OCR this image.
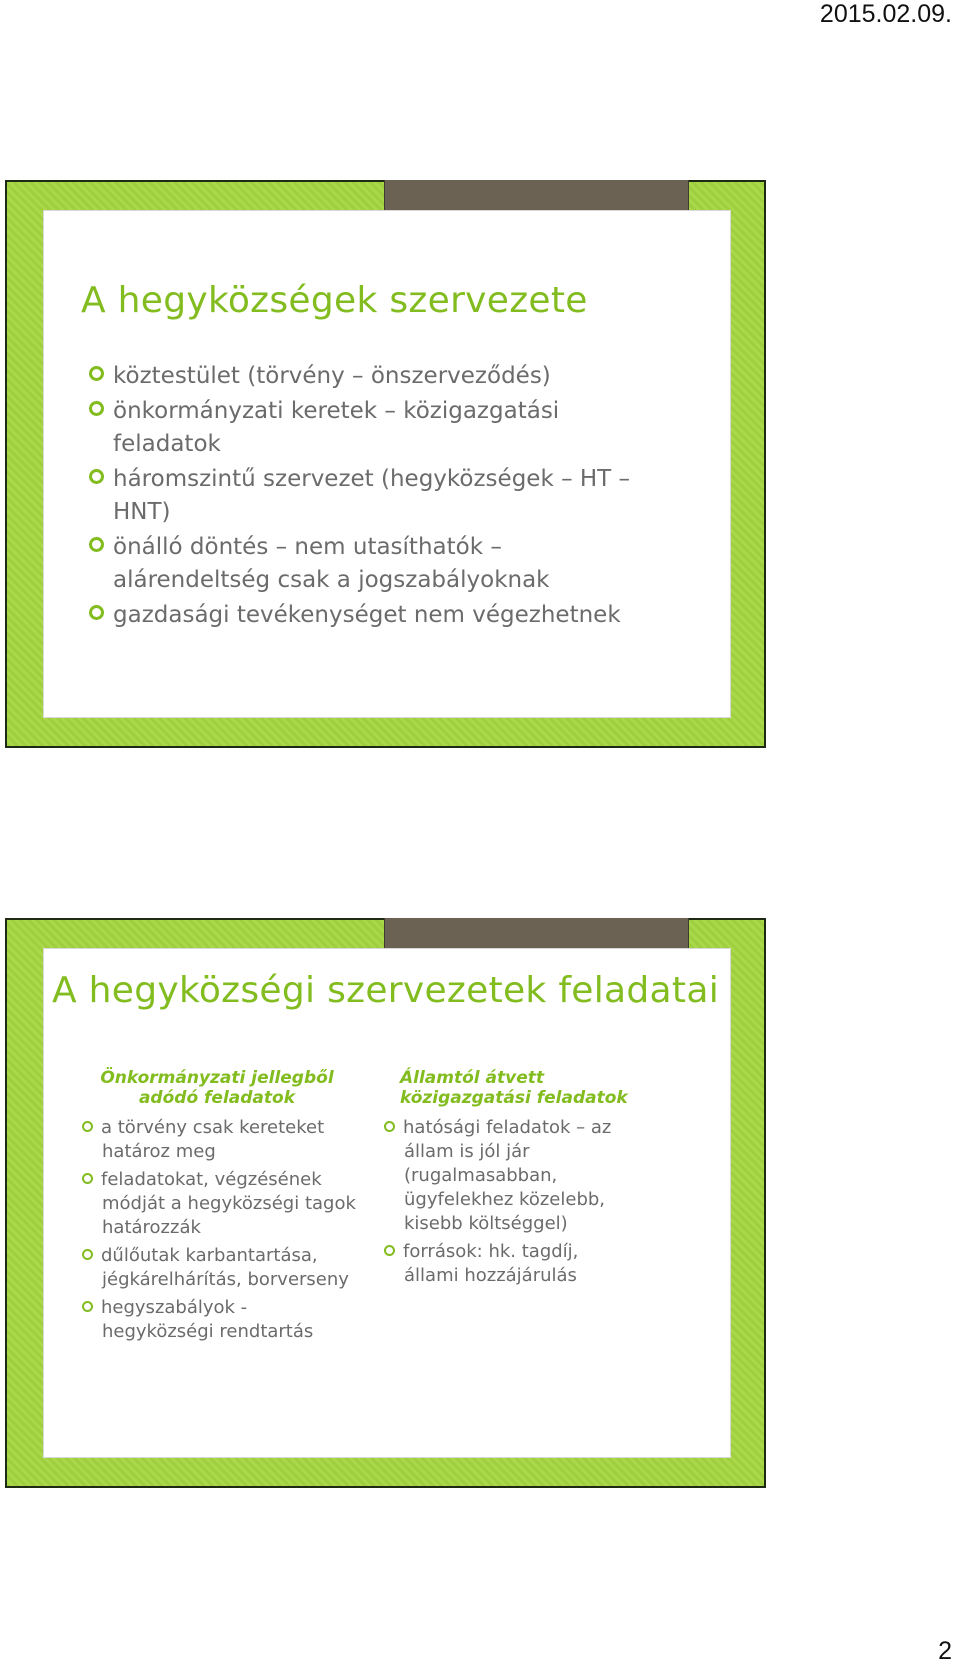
2015.02.09.
A hegyközségek szervezete
köztestület (törvény – önszerveződés)
önkormányzati keretek – közigazgatási feladatok
háromszintű szervezet (hegyközségek – HT – HNT)
önálló döntés – nem utasíthatók – alárendeltség csak a jogszabályoknak
gazdasági tevékenységet nem végezhetnek
A hegyközségi szervezetek feladatai
Önkormányzati jellegből adódó feladatok
Államtól átvett közigazgatási feladatok
a törvény csak kereteket határoz meg
feladatokat, végzésének módját a hegyközségi tagok határozzák
dűlőutak karbantartása, jégkárelhárítás, borverseny
hegyszabályok - hegyközségi rendtartás
hatósági feladatok – az állam is jól jár (rugalmasabban, ügyfelekhez közelebb, kisebb költséggel)
források: hk. tagdíj, állami hozzájárulás
2
